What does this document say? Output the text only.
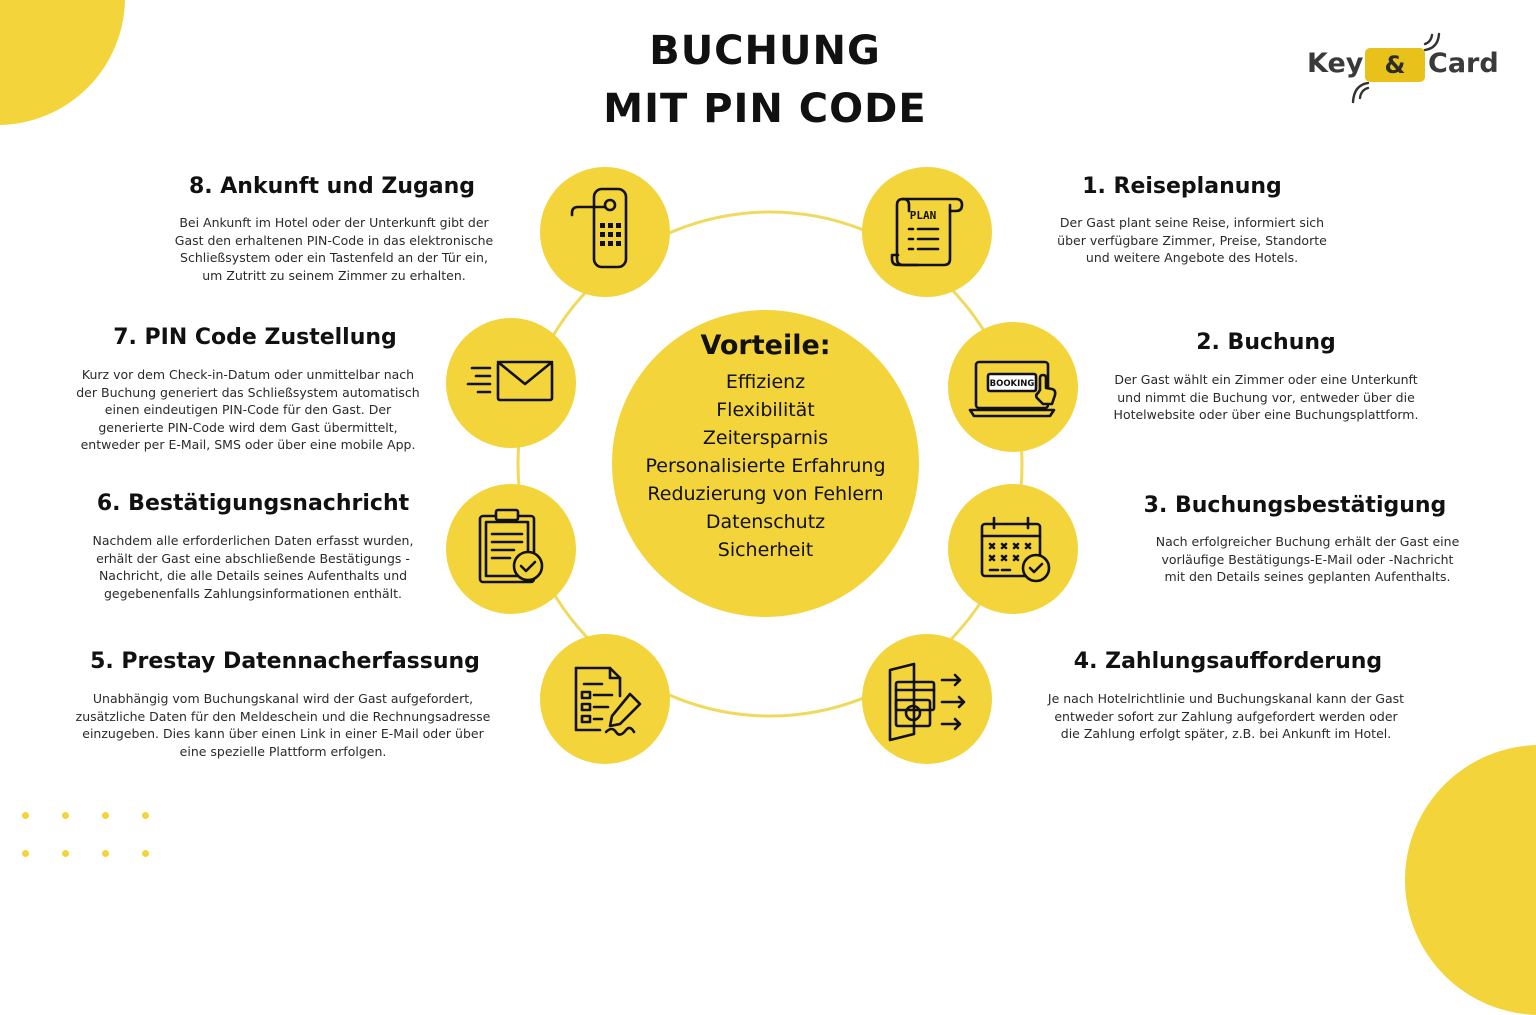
BUCHUNG
MIT PIN CODE
Key & Card
PLAN
BOOKING
Vorteile:
Effizienz
Flexibilität
Zeitersparnis
Personalisierte Erfahrung
Reduzierung von Fehlern
Datenschutz
Sicherheit
1. Reiseplanung
Der Gast plant seine Reise, informiert sich über verfügbare Zimmer, Preise, Standorte und weitere Angebote des Hotels.
2. Buchung
Der Gast wählt ein Zimmer oder eine Unterkunft und nimmt die Buchung vor, entweder über die Hotelwebsite oder über eine Buchungsplattform.
3. Buchungsbestätigung
Nach erfolgreicher Buchung erhält der Gast eine vorläufige Bestätigungs-E-Mail oder -Nachricht mit den Details seines geplanten Aufenthalts.
4. Zahlungsaufforderung
Je nach Hotelrichtlinie und Buchungskanal kann der Gast entweder sofort zur Zahlung aufgefordert werden oder die Zahlung erfolgt später, z.B. bei Ankunft im Hotel.
5. Prestay Datennacherfassung
Unabhängig vom Buchungskanal wird der Gast aufgefordert, zusätzliche Daten für den Meldeschein und die Rechnungsadresse einzugeben. Dies kann über einen Link in einer E-Mail oder über eine spezielle Plattform erfolgen.
6. Bestätigungsnachricht
Nachdem alle erforderlichen Daten erfasst wurden, erhält der Gast eine abschließende Bestätigungs -Nachricht, die alle Details seines Aufenthalts und gegebenenfalls Zahlungsinformationen enthält.
7. PIN Code Zustellung
Kurz vor dem Check-in-Datum oder unmittelbar nach der Buchung generiert das Schließsystem automatisch einen eindeutigen PIN-Code für den Gast. Der generierte PIN-Code wird dem Gast übermittelt, entweder per E-Mail, SMS oder über eine mobile App.
8. Ankunft und Zugang
Bei Ankunft im Hotel oder der Unterkunft gibt der Gast den erhaltenen PIN-Code in das elektronische Schließsystem oder ein Tastenfeld an der Tür ein, um Zutritt zu seinem Zimmer zu erhalten.
